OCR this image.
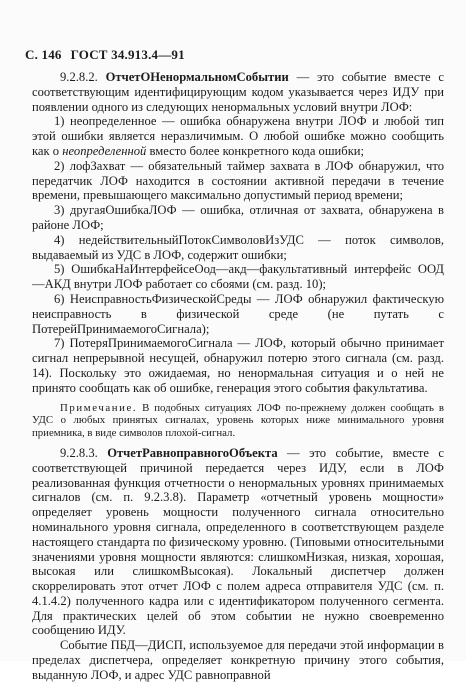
С. 146 ГОСТ 34.913.4—91

9.2.8.2. ОтчетОНенормальномСобытии — это событие вместе с соответствующим идентифицирующим кодом указывается через ИДУ при появлении одного из следующих ненормальных условий внутри ЛОФ:

1) неопределенное — ошибка обнаружена внутри ЛОФ и любой тип этой ошибки является неразличимым. О любой ошибке можно сообщить как о неопределенной вместо более конкретного кода ошибки;

2) лофЗахват — обязательный таймер захвата в ЛОФ обнаружил, что передатчик ЛОФ находится в состоянии активной передачи в течение времени, превышающего максимально допустимый период времени;

3) другаяОшибкаЛОФ — ошибка, отличная от захвата, обнаружена в районе ЛОФ;

4) недействительныйПотокСимволовИзУДС — поток символов, выдаваемый из УДС в ЛОФ, содержит ошибки;

5) ОшибкаНаИнтерфейсеОод—акд—факультативный интерфейс ООД—АКД внутри ЛОФ работает со сбоями (см. разд. 10);

6) НеисправностьФизическойСреды — ЛОФ обнаружил фактическую неисправность в физической среде (не путать с ПотерейПринимаемогоСигнала);

7) ПотеряПринимаемогоСигнала — ЛОФ, который обычно принимает сигнал непрерывной несущей, обнаружил потерю этого сигнала (см. разд. 14). Поскольку это ожидаемая, но ненормальная ситуация и о ней не принято сообщать как об ошибке, генерация этого события факультатива.

Примечание. В подобных ситуациях ЛОФ по-прежнему должен сообщать в УДС о любых принятых сигналах, уровень которых ниже минимального уровня приемника, в виде символов плохой-сигнал.

9.2.8.3. ОтчетРавноправногоОбъекта — это событие, вместе с соответствующей причиной передается через ИДУ, если в ЛОФ реализованная функция отчетности о ненормальных уровнях принимаемых сигналов (см. п. 9.2.3.8). Параметр «отчетный уровень мощности» определяет уровень мощности полученного сигнала относительно номинального уровня сигнала, определенного в соответствующем разделе настоящего стандарта по физическому уровню. (Типовыми относительными значениями уровня мощности являются: слишкомНизкая, низкая, хорошая, высокая или слишкомВысокая). Локальный диспетчер должен скоррелировать этот отчет ЛОФ с полем адреса отправителя УДС (см. п. 4.1.4.2) полученного кадра или с идентификатором полученного сегмента. Для практических целей об этом событии не нужно своевременно сообщению ИДУ.

Событие ПБД—ДИСП, используемое для передачи этой информации в пределах диспетчера, определяет конкретную причину этого события, выданную ЛОФ, и адрес УДС равноправной
